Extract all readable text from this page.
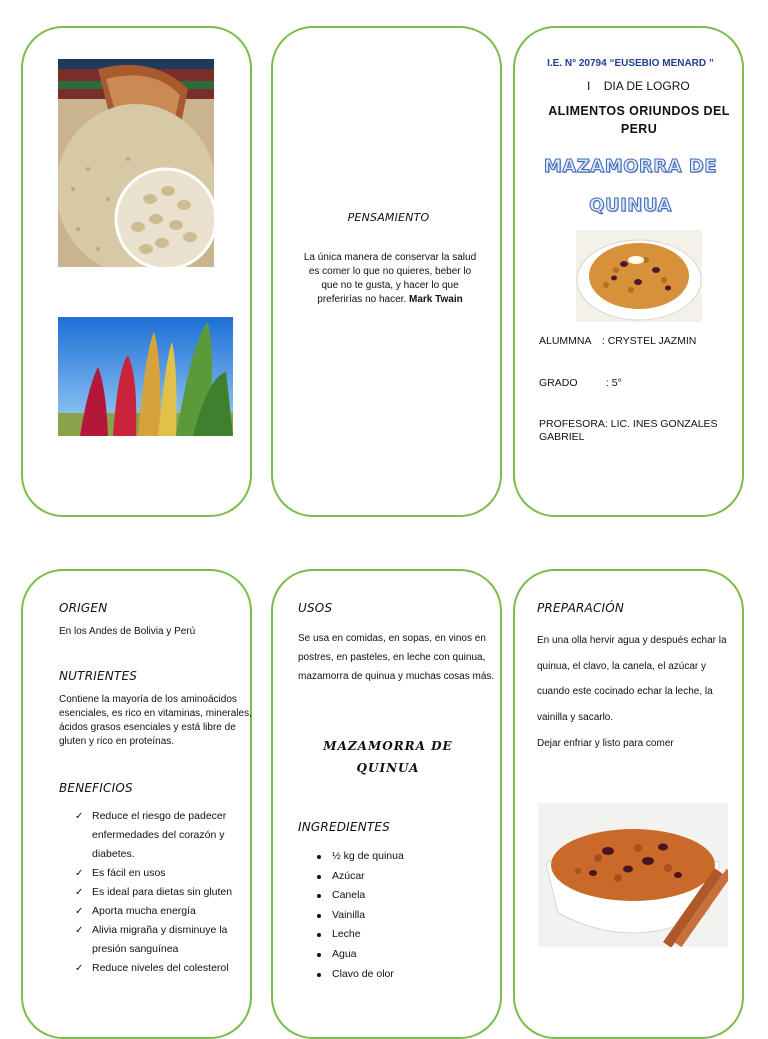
PENSAMIENTO
La única manera de conservar la salud es comer lo que no quieres, beber lo que no te gusta, y hacer lo que preferirías no hacer. Mark Twain
I.E. N° 20794 “EUSEBIO MENARD ”
I DIA DE LOGRO
ALIMENTOS ORIUNDOS DEL PERU
MAZAMORRA DE
QUINUA
ALUMMNA : CRYSTEL JAZMIN
GRADO	: 5°
PROFESORA: LIC. INES GONZALES GABRIEL
ORIGEN
En los Andes de Bolivia y Perú
NUTRIENTES
Contiene la mayoría de los aminoácidos esenciales, es rico en vitaminas, minerales, ácidos grasos esenciales y está libre de gluten y rico en proteínas.
BENEFICIOS
✓ Reduce el riesgo de padecer enfermedades del corazón y diabetes.
✓ Es fácil en usos
✓ Es ideal para dietas sin gluten
✓ Aporta mucha energía
✓ Alivia migraña y disminuye la presión sanguínea
✓ Reduce niveles del colesterol
USOS
Se usa en comidas, en sopas, en vinos en postres, en pasteles, en leche con quinua, mazamorra de quinua y muchas cosas más.
MAZAMORRA DE
QUINUA
INGREDIENTES
½ kg de quinua
Azúcar
Canela
Vainilla
Leche
Agua
Clavo de olor
PREPARACIÓN
En una olla hervir agua y después echar la quinua, el clavo, la canela, el azúcar y cuando este cocinado echar la leche, la vainilla y sacarlo.
Dejar enfriar y listo para comer
